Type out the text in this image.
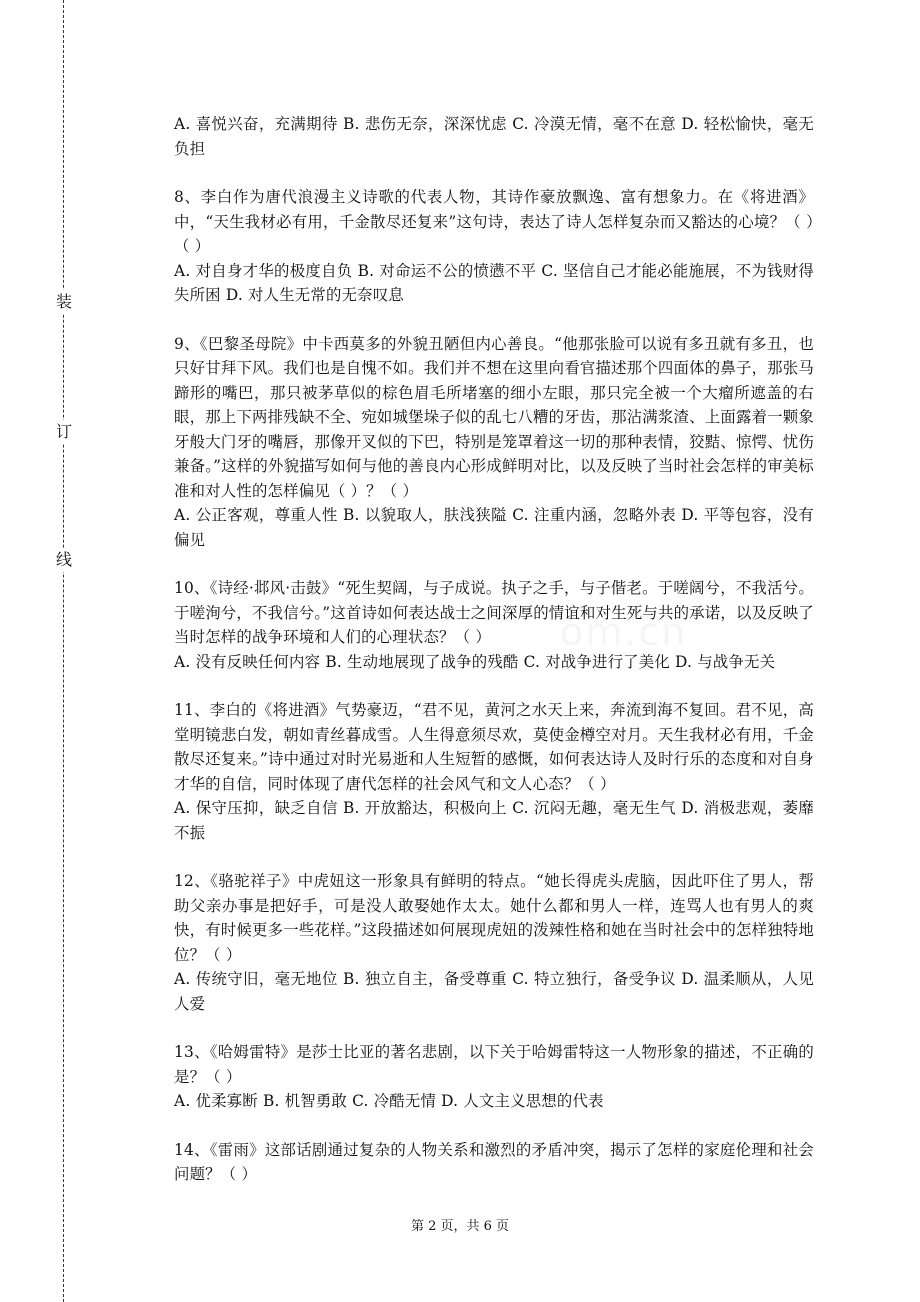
装
订
线
A. 喜悦兴奋，充满期待 B. 悲伤无奈，深深忧虑 C. 冷漠无情，毫不在意 D. 轻松愉快，毫无负担
8、李白作为唐代浪漫主义诗歌的代表人物，其诗作豪放飘逸、富有想象力。在《将进酒》中，“天生我材必有用，千金散尽还复来”这句诗，表达了诗人怎样复杂而又豁达的心境？（ ）（ ）
A. 对自身才华的极度自负 B. 对命运不公的愤懑不平 C. 坚信自己才能必能施展，不为钱财得失所困 D. 对人生无常的无奈叹息
9、《巴黎圣母院》中卡西莫多的外貌丑陋但内心善良。“他那张脸可以说有多丑就有多丑，也只好甘拜下风。我们也是自愧不如。我们并不想在这里向看官描述那个四面体的鼻子，那张马蹄形的嘴巴，那只被茅草似的棕色眉毛所堵塞的细小左眼，那只完全被一个大瘤所遮盖的右眼，那上下两排残缺不全、宛如城堡垛子似的乱七八糟的牙齿，那沾满浆渣、上面露着一颗象牙般大门牙的嘴唇，那像开叉似的下巴，特别是笼罩着这一切的那种表情，狡黠、惊愕、忧伤兼备。”这样的外貌描写如何与他的善良内心形成鲜明对比，以及反映了当时社会怎样的审美标准和对人性的怎样偏见（ ）？（ ）
A. 公正客观，尊重人性 B. 以貌取人，肤浅狭隘 C. 注重内涵，忽略外表 D. 平等包容，没有偏见
10、《诗经·邶风·击鼓》“死生契阔，与子成说。执子之手，与子偕老。于嗟阔兮，不我活兮。于嗟洵兮，不我信兮。”这首诗如何表达战士之间深厚的情谊和对生死与共的承诺，以及反映了当时怎样的战争环境和人们的心理状态？（ ）
A. 没有反映任何内容 B. 生动地展现了战争的残酷 C. 对战争进行了美化 D. 与战争无关
11、李白的《将进酒》气势豪迈，“君不见，黄河之水天上来，奔流到海不复回。君不见，高堂明镜悲白发，朝如青丝暮成雪。人生得意须尽欢，莫使金樽空对月。天生我材必有用，千金散尽还复来。”诗中通过对时光易逝和人生短暂的感慨，如何表达诗人及时行乐的态度和对自身才华的自信，同时体现了唐代怎样的社会风气和文人心态？（ ）
A. 保守压抑，缺乏自信 B. 开放豁达，积极向上 C. 沉闷无趣，毫无生气 D. 消极悲观，萎靡不振
12、《骆驼祥子》中虎妞这一形象具有鲜明的特点。“她长得虎头虎脑，因此吓住了男人，帮助父亲办事是把好手，可是没人敢娶她作太太。她什么都和男人一样，连骂人也有男人的爽快，有时候更多一些花样。”这段描述如何展现虎妞的泼辣性格和她在当时社会中的怎样独特地位？（ ）
A. 传统守旧，毫无地位 B. 独立自主，备受尊重 C. 特立独行，备受争议 D. 温柔顺从，人见人爱
13、《哈姆雷特》是莎士比亚的著名悲剧，以下关于哈姆雷特这一人物形象的描述，不正确的是？（ ）
A. 优柔寡断 B. 机智勇敢 C. 冷酷无情 D. 人文主义思想的代表
14、《雷雨》这部话剧通过复杂的人物关系和激烈的矛盾冲突，揭示了怎样的家庭伦理和社会问题？（ ）
第 2 页，共 6 页
